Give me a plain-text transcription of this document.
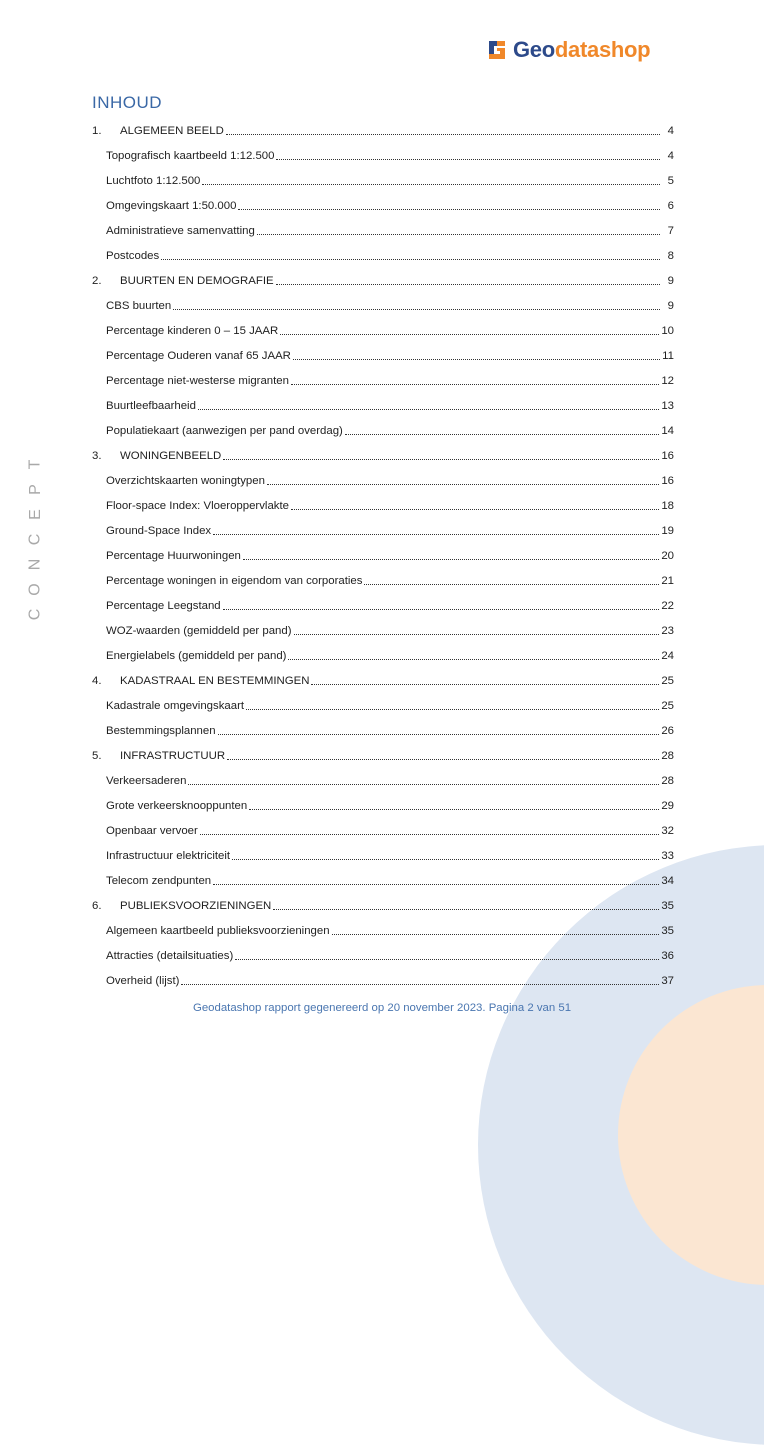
Geodatashop
T
P
E
C
N
O
C
INHOUD
1.	ALGEMEEN BEELD	4
Topografisch kaartbeeld 1:12.500	4
Luchtfoto 1:12.500	5
Omgevingskaart 1:50.000	6
Administratieve samenvatting	7
Postcodes	8
2.	BUURTEN EN DEMOGRAFIE	9
CBS buurten	9
Percentage kinderen 0 – 15 JAAR	10
Percentage Ouderen vanaf 65 JAAR	11
Percentage niet-westerse migranten	12
Buurtleefbaarheid	13
Populatiekaart (aanwezigen per pand overdag)	14
3.	WONINGENBEELD	16
Overzichtskaarten woningtypen	16
Floor-space Index: Vloeroppervlakte	18
Ground-Space Index	19
Percentage Huurwoningen	20
Percentage woningen in eigendom van corporaties	21
Percentage Leegstand	22
WOZ-waarden (gemiddeld per pand)	23
Energielabels (gemiddeld per pand)	24
4.	KADASTRAAL EN BESTEMMINGEN	25
Kadastrale omgevingskaart	25
Bestemmingsplannen	26
5.	INFRASTRUCTUUR	28
Verkeersaderen	28
Grote verkeersknooppunten	29
Openbaar vervoer	32
Infrastructuur elektriciteit	33
Telecom zendpunten	34
6.	PUBLIEKSVOORZIENINGEN	35
Algemeen kaartbeeld publieksvoorzieningen	35
Attracties (detailsituaties)	36
Overheid (lijst)	37
Geodatashop rapport gegenereerd op 20 november 2023. Pagina 2 van 51
